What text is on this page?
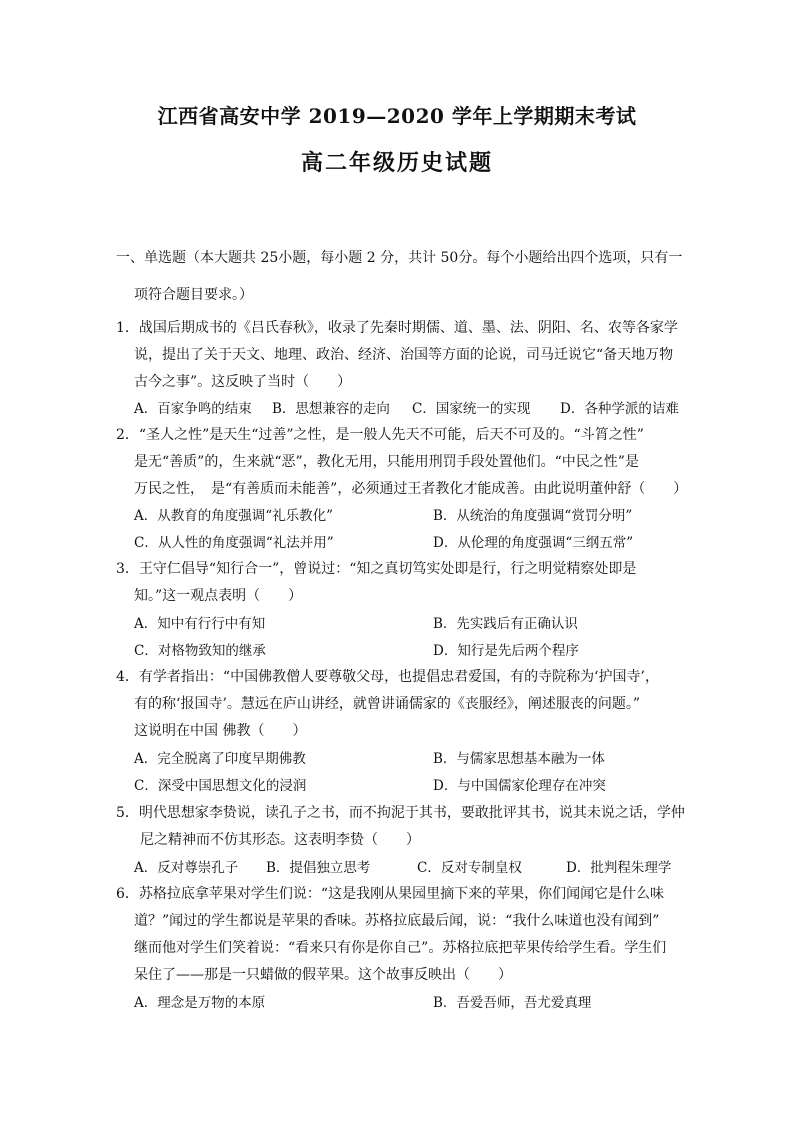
江西省高安中学 2019—2020 学年上学期期末考试
高二年级历史试题
一、单选题（本大题共 25小题，每小题 2 分，共计 50分。每个小题给出四个选项，只有一
项符合题目要求。）
1．战国后期成书的《吕氏春秋》，收录了先秦时期儒、道、墨、法、阴阳、名、农等各家学
说，提出了关于天文、地理、政治、经济、治国等方面的论说，司马迁说它“备天地万物
古今之事”。这反映了当时（　　）
A．百家争鸣的结束 B．思想兼容的走向 C．国家统一的实现 D．各种学派的诘难
2．“圣人之性”是天生“过善”之性，是一般人先天不可能，后天不可及的。“斗筲之性”
是无“善质”的，生来就“恶”，教化无用，只能用刑罚手段处置他们。“中民之性”是
万民之性，　是“有善质而未能善”，必须通过王者教化才能成善。由此说明董仲舒（　　）
A．从教育的角度强调“礼乐教化”	B．从统治的角度强调“赏罚分明”
C．从人性的角度强调“礼法并用”	D．从伦理的角度强调“三纲五常”
3．王守仁倡导“知行合一”，曾说过：“知之真切笃实处即是行，行之明觉精察处即是
知。”这一观点表明（　　）
A．知中有行行中有知	B．先实践后有正确认识
C．对格物致知的继承	D．知行是先后两个程序
4．有学者指出：“中国佛教僧人要尊敬父母，也提倡忠君爱国，有的寺院称为‘护国寺’，
有的称‘报国寺’。慧远在庐山讲经，就曾讲诵儒家的《丧服经》，阐述服丧的问题。”
这说明在中国 佛教（　　）
A．完全脱离了印度早期佛教	B．与儒家思想基本融为一体
C．深受中国思想文化的浸润	D．与中国儒家伦理存在冲突
5．明代思想家李贽说，读孔子之书，而不拘泥于其书，要敢批评其书，说其未说之话，学仲
尼之精神而不仿其形态。这表明李贽（　　）
A．反对尊崇孔子 B．提倡独立思考	C．反对专制皇权	D．批判程朱理学
6．苏格拉底拿苹果对学生们说：“这是我刚从果园里摘下来的苹果，你们闻闻它是什么味
道？”闻过的学生都说是苹果的香味。苏格拉底最后闻，说：“我什么味道也没有闻到”
继而他对学生们笑着说：“看来只有你是你自己”。苏格拉底把苹果传给学生看。学生们
呆住了——那是一只蜡做的假苹果。这个故事反映出（　　）
A．理念是万物的本原	B．吾爱吾师，吾尤爱真理
